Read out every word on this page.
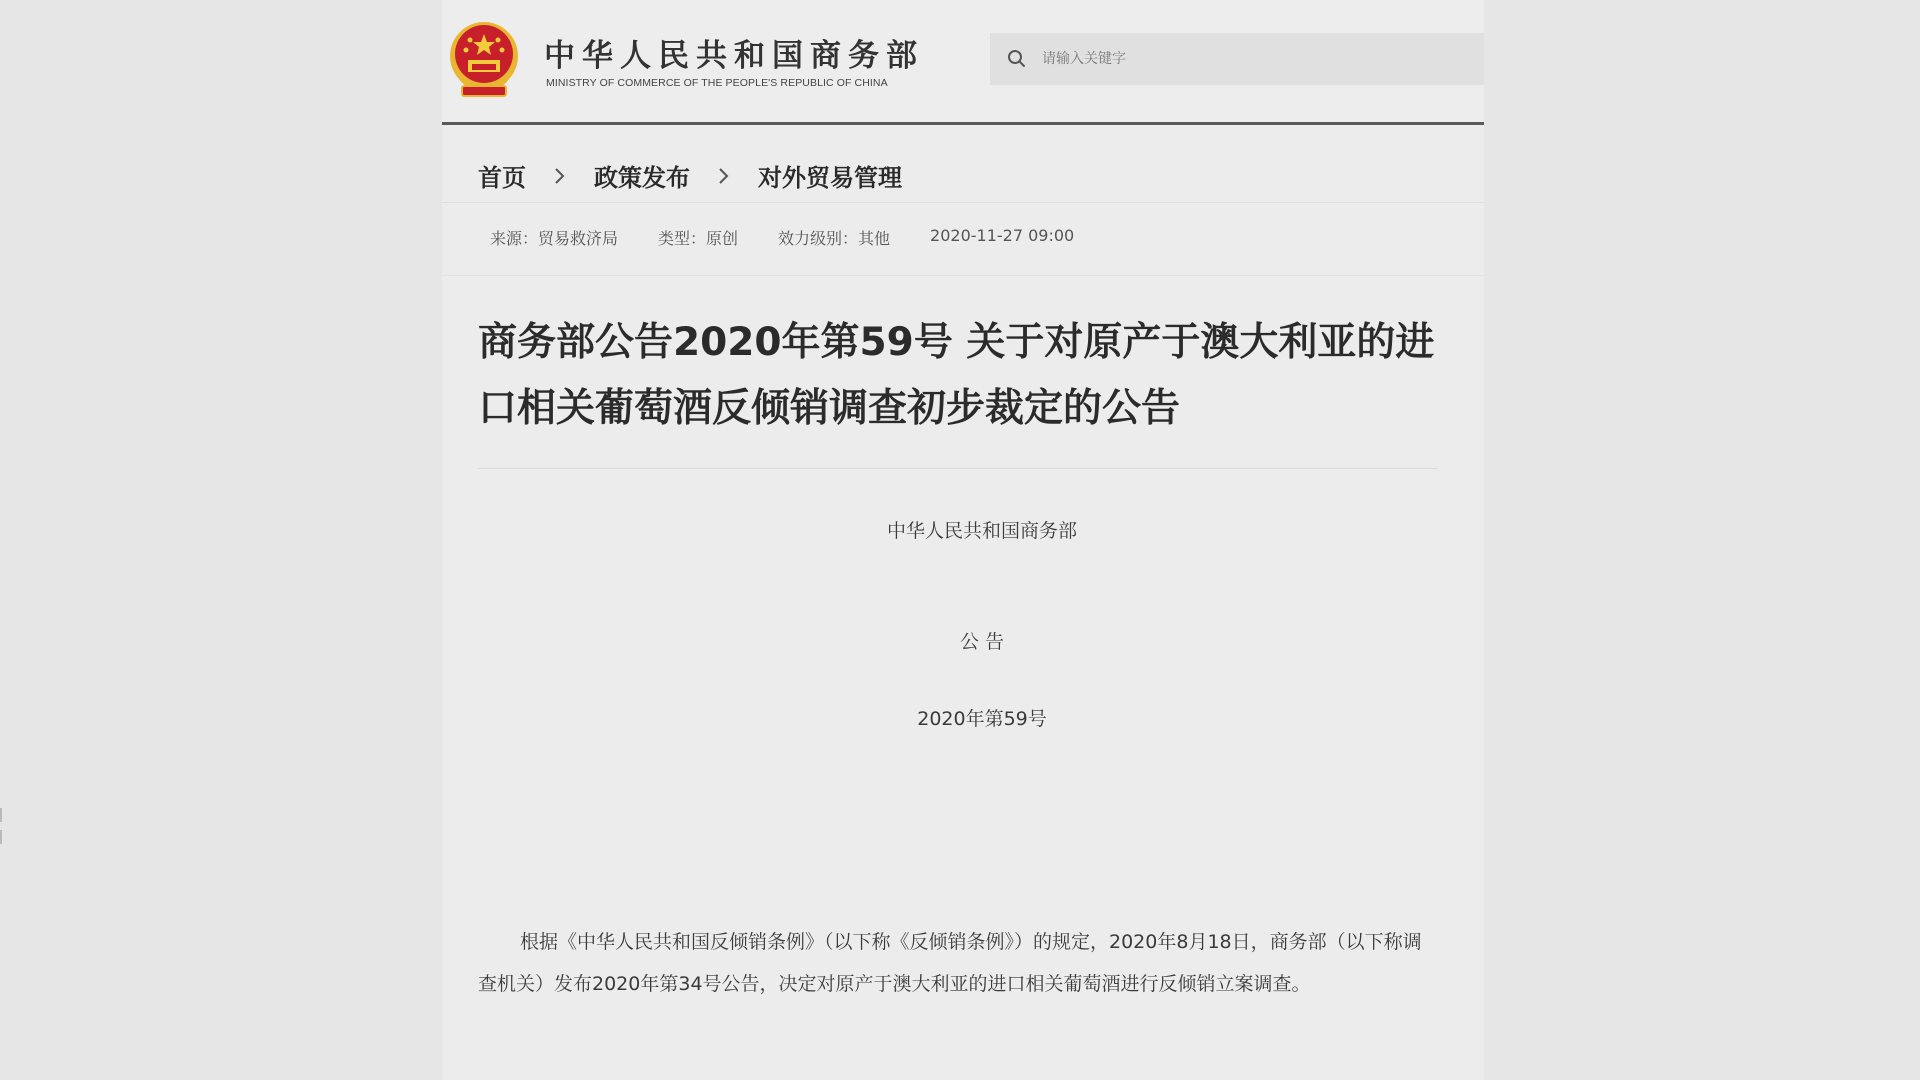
中华人民共和国商务部
MINISTRY OF COMMERCE OF THE PEOPLE'S REPUBLIC OF CHINA
请输入关键字
首页	政策发布	对外贸易管理
来源：贸易救济局	类型：原创	效力级别：其他	2020-11-27 09:00
商务部公告2020年第59号 关于对原产于澳大利亚的进口相关葡萄酒反倾销调查初步裁定的公告
中华人民共和国商务部
公 告
2020年第59号

根据《中华人民共和国反倾销条例》（以下称《反倾销条例》）的规定，2020年8月18日，商务部（以下称调查机关）发布2020年第34号公告，决定对原产于澳大利亚的进口相关葡萄酒进行反倾销立案调查。
